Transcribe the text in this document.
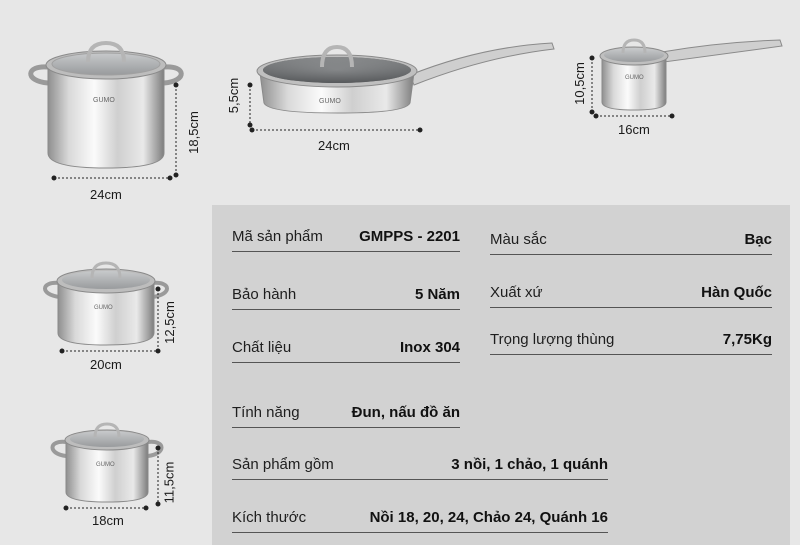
GUMO
24cm
18,5cm
GUMO
24cm
5,5cm	GUMO
16cm
10,5cm
GUMO
20cm
12,5cm
GUMO
18cm
11,5cm
Mã sản phẩm GMPPS - 2201 Màu sắc	Bạc
Bảo hành	5 Năm Xuất xứ	Hàn Quốc
Trọng lượng thùng	7,75Kg
Chất liệu	Inox 304
Tính năng	Đun, nấu đồ ăn
Sản phẩm gồm	3 nồi, 1 chảo, 1 quánh
Kích thước	Nồi 18, 20, 24, Chảo 24, Quánh 16
